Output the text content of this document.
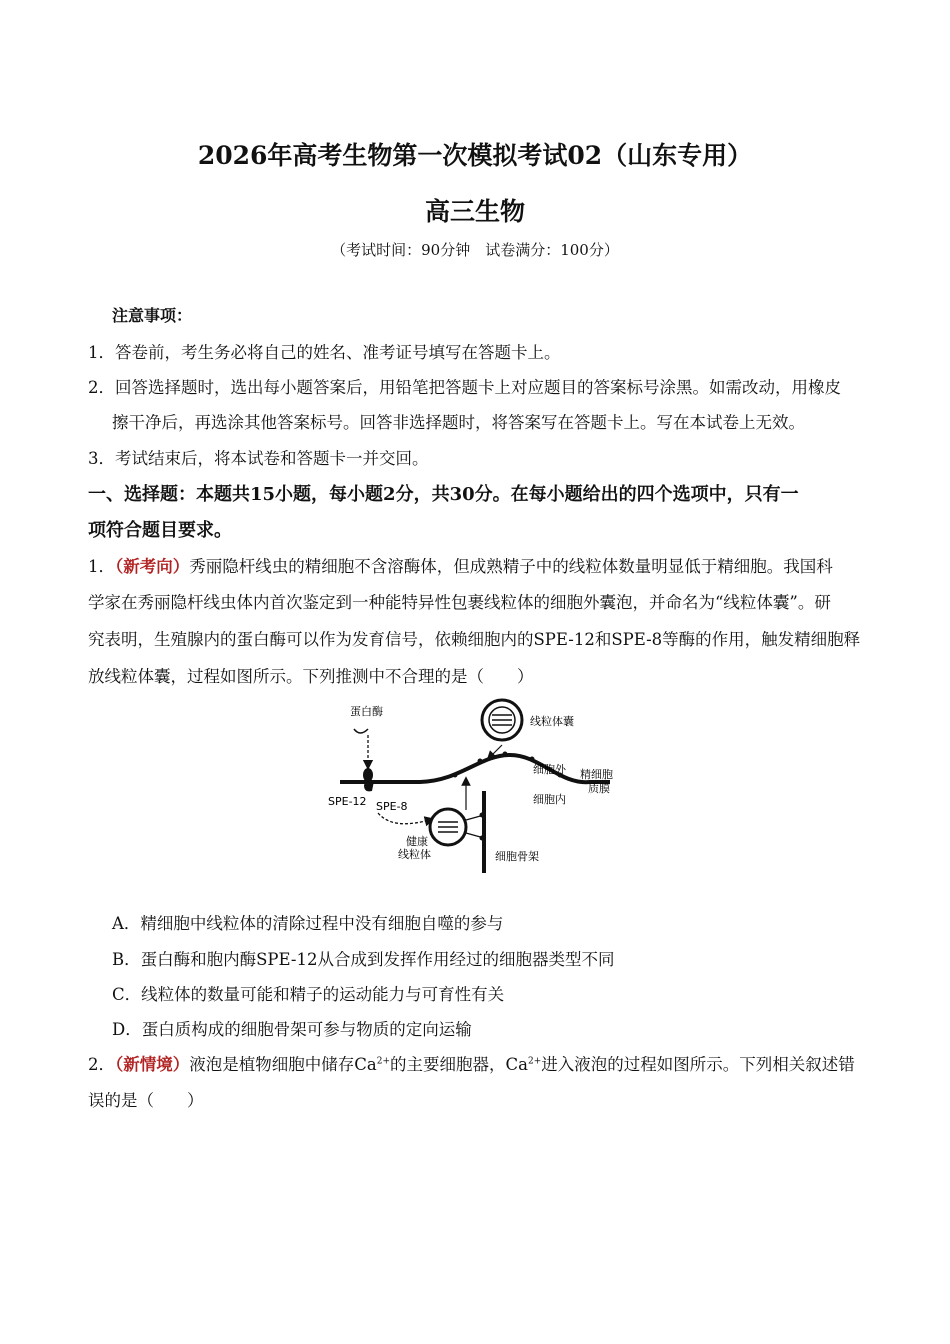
2026年高考生物第一次模拟考试02（山东专用）
高三生物
（考试时间：90分钟　试卷满分：100分）
注意事项：
1．答卷前，考生务必将自己的姓名、准考证号填写在答题卡上。
2．回答选择题时，选出每小题答案后，用铅笔把答题卡上对应题目的答案标号涂黑。如需改动，用橡皮
擦干净后，再选涂其他答案标号。回答非选择题时，将答案写在答题卡上。写在本试卷上无效。
3．考试结束后，将本试卷和答题卡一并交回。
一、选择题：本题共15小题，每小题2分，共30分。在每小题给出的四个选项中，只有一
项符合题目要求。
1．（新考向）秀丽隐杆线虫的精细胞不含溶酶体，但成熟精子中的线粒体数量明显低于精细胞。我国科
学家在秀丽隐杆线虫体内首次鉴定到一种能特异性包裹线粒体的细胞外囊泡，并命名为“线粒体囊”。研
究表明，生殖腺内的蛋白酶可以作为发育信号，依赖细胞内的SPE-12和SPE-8等酶的作用，触发精细胞释
放线粒体囊，过程如图所示。下列推测中不合理的是（　　）
蛋白酶
SPE-12 SPE-8
线粒体囊
细胞外 精细胞
质膜
细胞内
健康
线粒体	细胞骨架
A．精细胞中线粒体的清除过程中没有细胞自噬的参与
B．蛋白酶和胞内酶SPE-12从合成到发挥作用经过的细胞器类型不同
C．线粒体的数量可能和精子的运动能力与可育性有关
D．蛋白质构成的细胞骨架可参与物质的定向运输
2．（新情境）液泡是植物细胞中储存$Ca^{2+}$的主要细胞器，$Ca^{2+}$进入液泡的过程如图所示。下列相关叙述错
误的是（　　）
